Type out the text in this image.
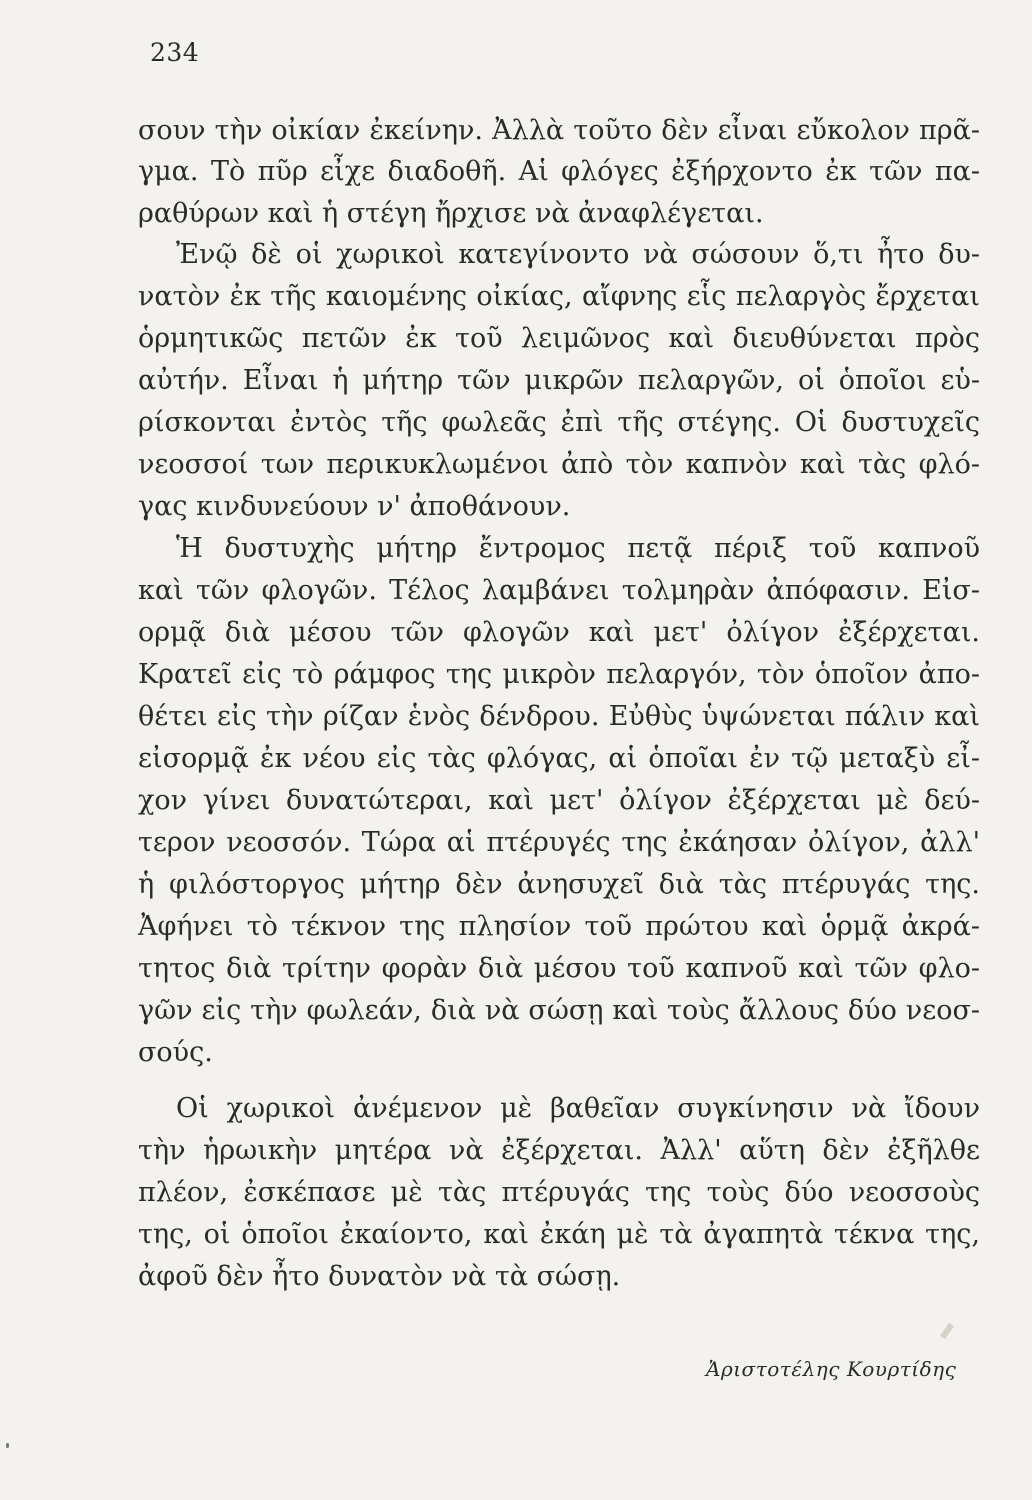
234
σουν τὴν οἰκίαν ἐκείνην. Ἀλλὰ τοῦτο δὲν εἶναι εὔκολον πρᾶ-
γμα. Τὸ πῦρ εἶχε διαδοθῆ. Αἱ φλόγες ἐξήρχοντο ἐκ τῶν πα-
ραθύρων καὶ ἡ στέγη ἤρχισε νὰ ἀναφλέγεται.
Ἐνῷ δὲ οἱ χωρικοὶ κατεγίνοντο νὰ σώσουν ὅ,τι ἦτο δυ-
νατὸν ἐκ τῆς καιομένης οἰκίας, αἴφνης εἷς πελαργὸς ἔρχεται
ὁρμητικῶς πετῶν ἐκ τοῦ λειμῶνος καὶ διευθύνεται πρὸς
αὐτήν. Εἶναι ἡ μήτηρ τῶν μικρῶν πελαργῶν, οἱ ὁποῖοι εὑ-
ρίσκονται ἐντὸς τῆς φωλεᾶς ἐπὶ τῆς στέγης. Οἱ δυστυχεῖς
νεοσσοί των περικυκλωμένοι ἀπὸ τὸν καπνὸν καὶ τὰς φλό-
γας κινδυνεύουν ν' ἀποθάνουν.
Ἡ δυστυχὴς μήτηρ ἔντρομος πετᾷ πέριξ τοῦ καπνοῦ
καὶ τῶν φλογῶν. Τέλος λαμβάνει τολμηρὰν ἀπόφασιν. Εἰσ-
ορμᾷ διὰ μέσου τῶν φλογῶν καὶ μετ' ὀλίγον ἐξέρχεται.
Κρατεῖ εἰς τὸ ράμφος της μικρὸν πελαργόν, τὸν ὁποῖον ἀπο-
θέτει εἰς τὴν ρίζαν ἑνὸς δένδρου. Εὐθὺς ὑψώνεται πάλιν καὶ
εἰσορμᾷ ἐκ νέου εἰς τὰς φλόγας, αἱ ὁποῖαι ἐν τῷ μεταξὺ εἶ-
χον γίνει δυνατώτεραι, καὶ μετ' ὀλίγον ἐξέρχεται μὲ δεύ-
τερον νεοσσόν. Τώρα αἱ πτέρυγές της ἐκάησαν ὀλίγον, ἀλλ'
ἡ φιλόστοργος μήτηρ δὲν ἀνησυχεῖ διὰ τὰς πτέρυγάς της.
Ἀφήνει τὸ τέκνον της πλησίον τοῦ πρώτου καὶ ὁρμᾷ ἀκρά-
τητος διὰ τρίτην φορὰν διὰ μέσου τοῦ καπνοῦ καὶ τῶν φλο-
γῶν εἰς τὴν φωλεάν, διὰ νὰ σώσῃ καὶ τοὺς ἄλλους δύο νεοσ-
σούς.
Οἱ χωρικοὶ ἀνέμενον μὲ βαθεῖαν συγκίνησιν νὰ ἴδουν
τὴν ἡρωικὴν μητέρα νὰ ἐξέρχεται. Ἀλλ' αὕτη δὲν ἐξῆλθε
πλέον, ἐσκέπασε μὲ τὰς πτέρυγάς της τοὺς δύο νεοσσοὺς
της, οἱ ὁποῖοι ἐκαίοντο, καὶ ἐκάη μὲ τὰ ἀγαπητὰ τέκνα της,
ἀφοῦ δὲν ἦτο δυνατὸν νὰ τὰ σώσῃ.
Ἀριστοτέλης Κουρτίδης
